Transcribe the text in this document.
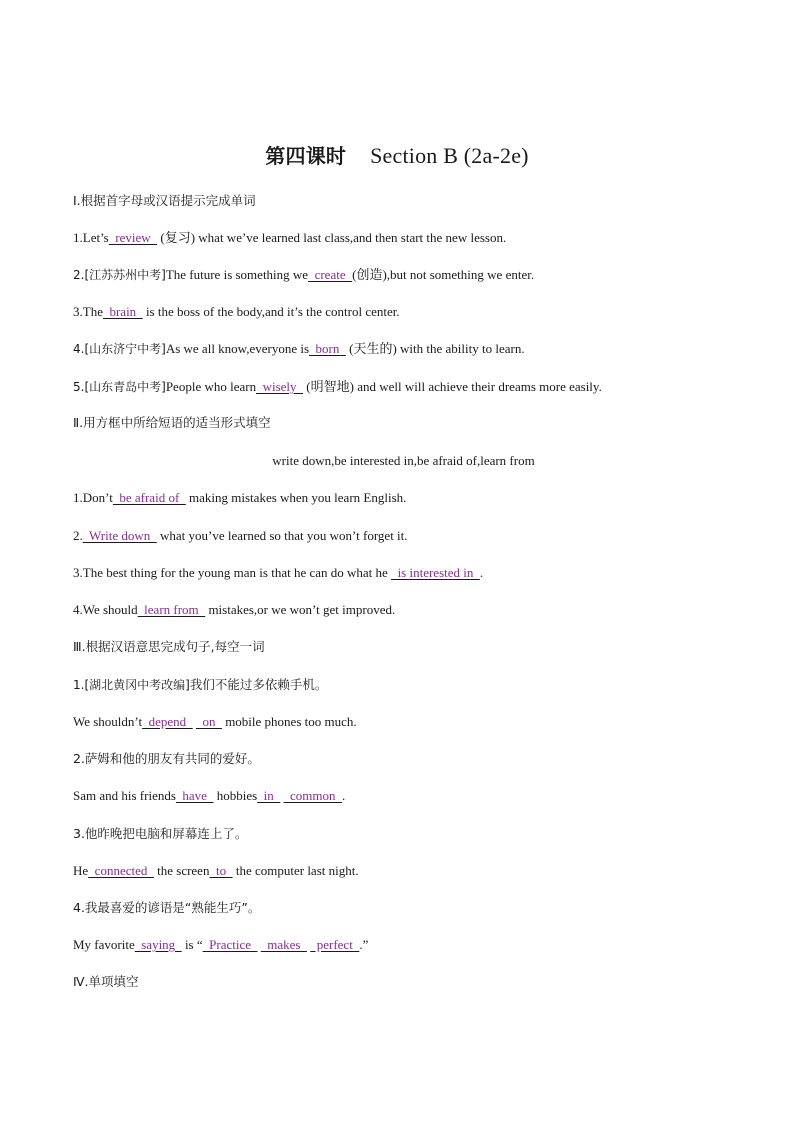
第四课时 Section B (2a-2e)
Ⅰ.根据首字母或汉语提示完成单词
1.Let’s  review   (复习) what we’ve learned last class,and then start the new lesson.
2.[江苏苏州中考]The future is something we  create  (创造),but not something we enter.
3.The  brain   is the boss of the body,and it’s the control center.
4.[山东济宁中考]As we all know,everyone is  born   (天生的) with the ability to learn.
5.[山东青岛中考]People who learn  wisely   (明智地) and well will achieve their dreams more easily.
Ⅱ.用方框中所给短语的适当形式填空
write down,be interested in,be afraid of,learn from
1.Don’t  be afraid of   making mistakes when you learn English.
2.  Write down   what you’ve learned so that you won’t forget it.
3.The best thing for the young man is that he can do what he   is interested in  .
4.We should  learn from   mistakes,or we won’t get improved.
Ⅲ.根据汉语意思完成句子,每空一词
1.[湖北黄冈中考改编]我们不能过多依赖手机。
We shouldn’t  depend     on   mobile phones too much.
2.萨姆和他的朋友有共同的爱好。
Sam and his friends  have   hobbies  in     common  .
3.他昨晚把电脑和屏幕连上了。
He  connected   the screen  to   the computer last night.
4.我最喜爱的谚语是“熟能生巧”。
My favorite  saying   is “  Practice     makes     perfect  .”
Ⅳ.单项填空
